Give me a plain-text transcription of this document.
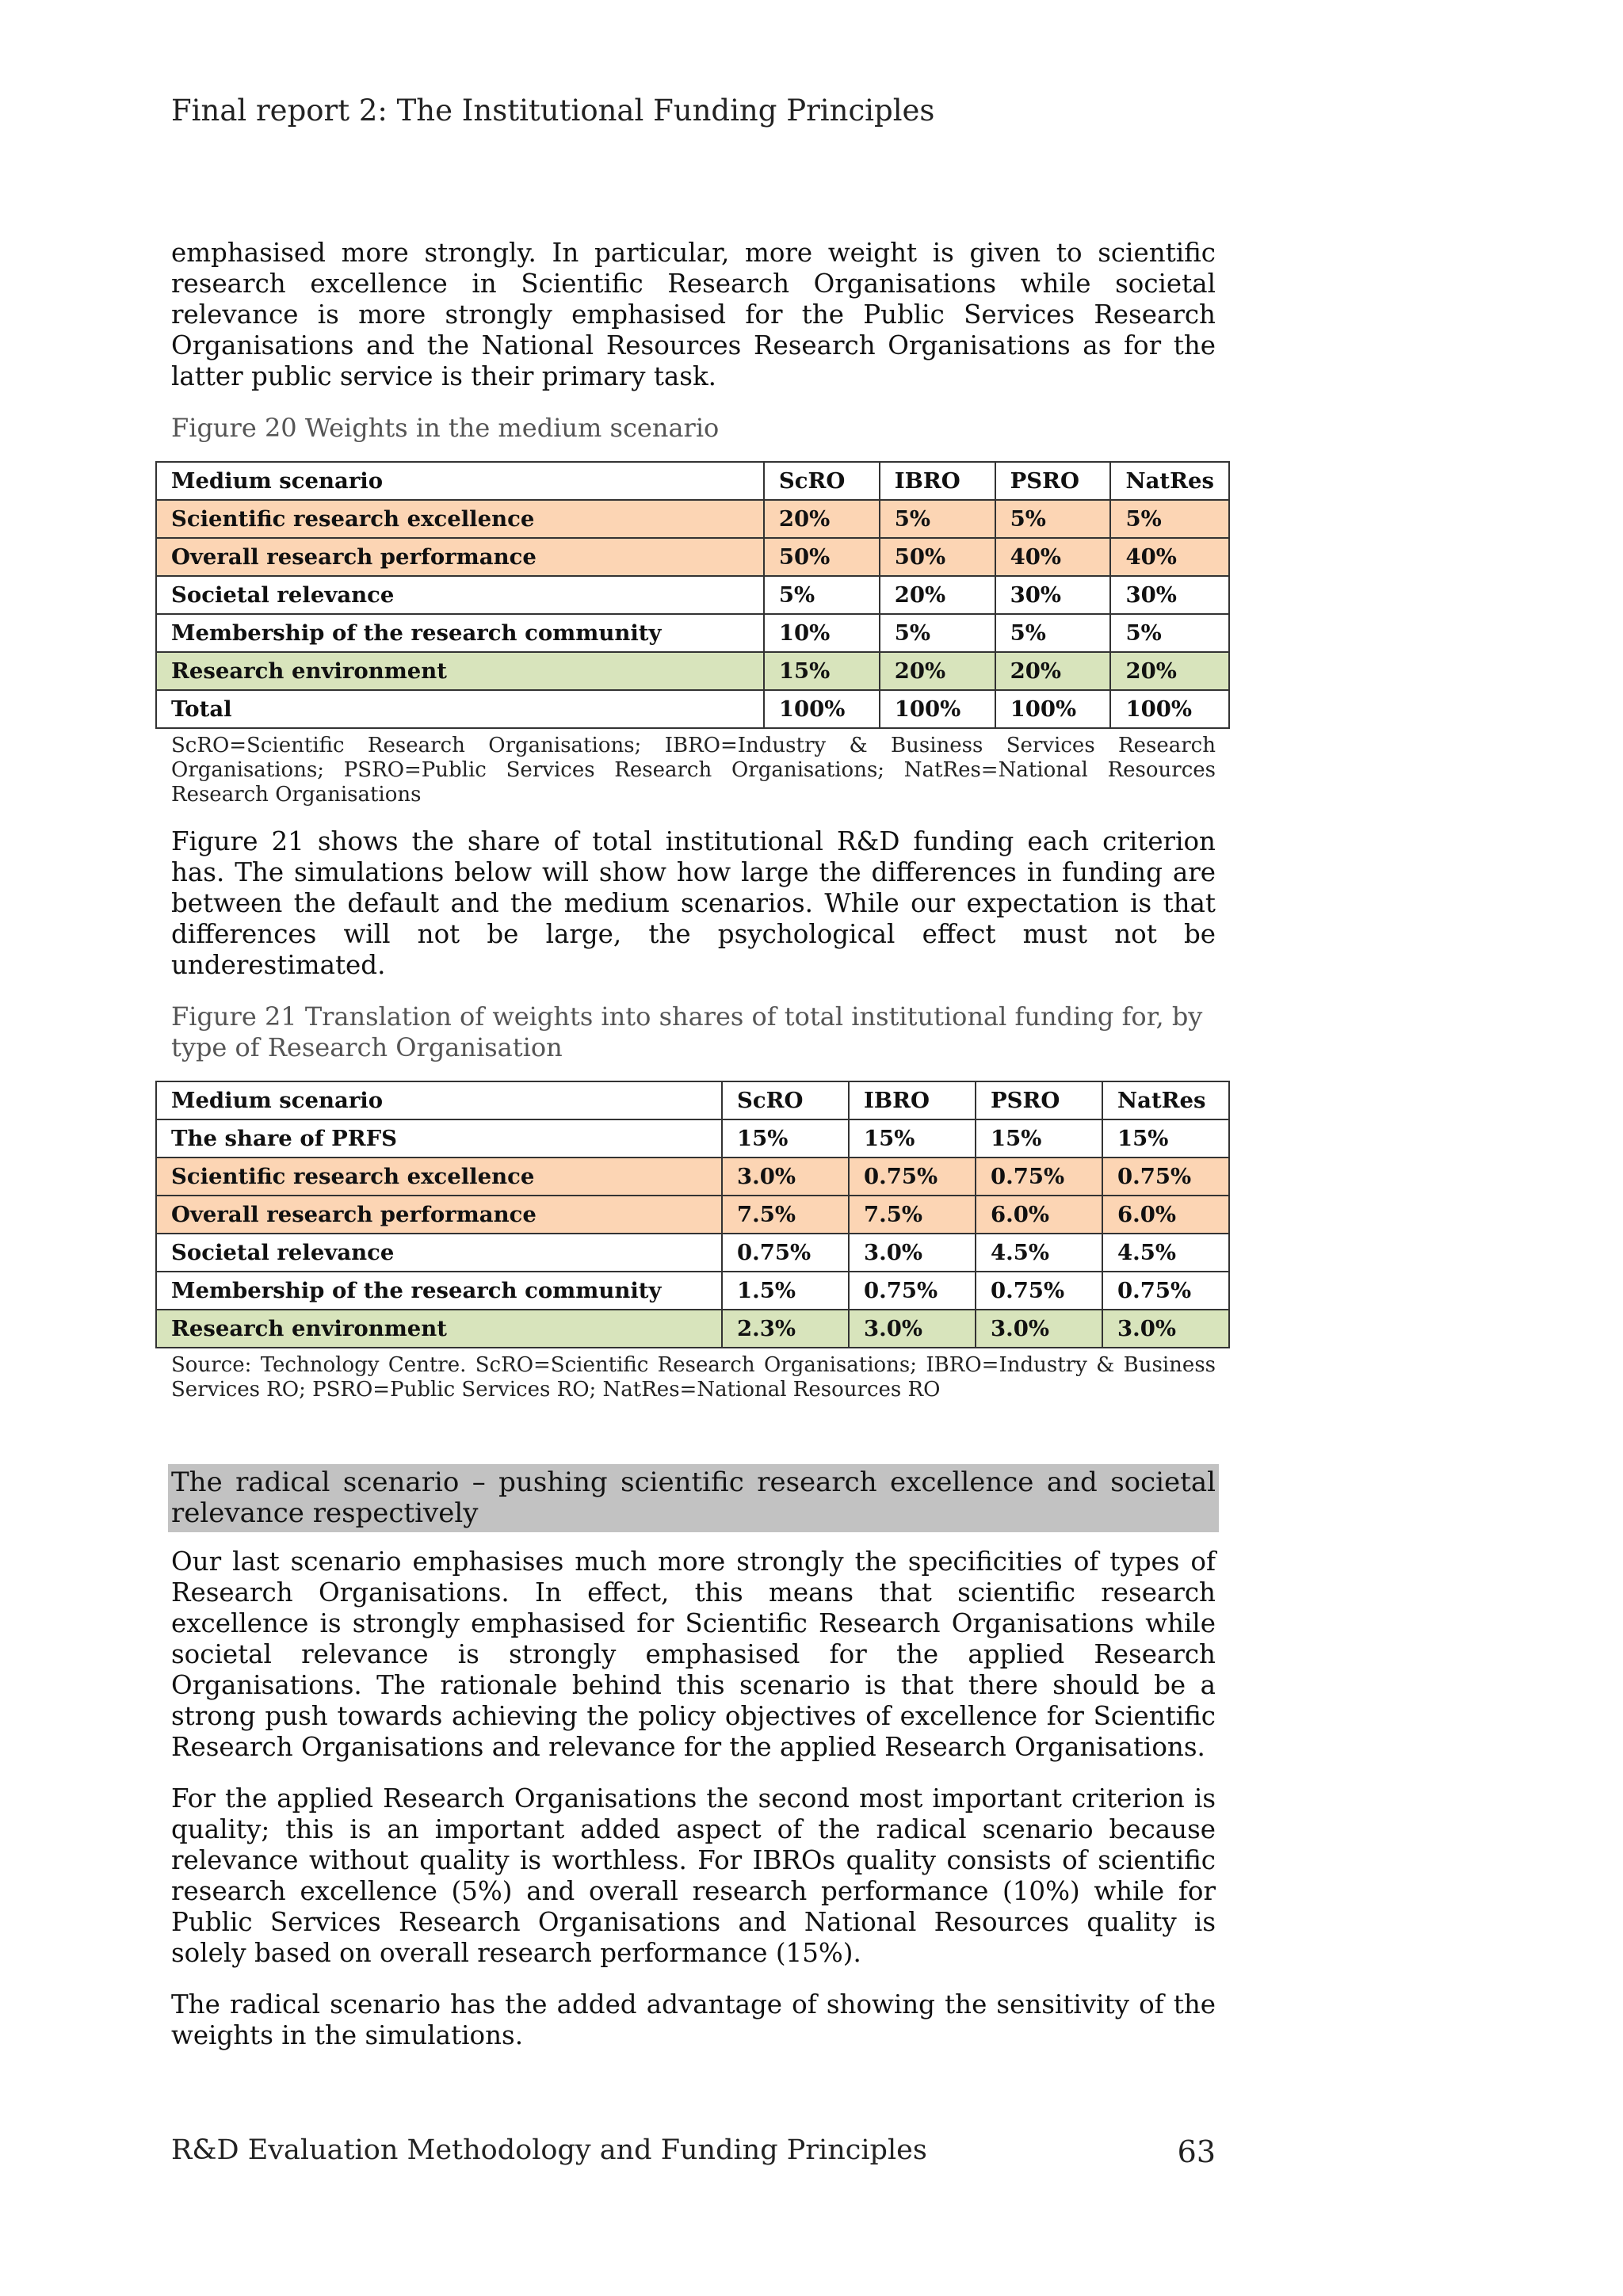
Final report 2: The Institutional Funding Principles

emphasised more strongly. In particular, more weight is given to scientific research excellence in Scientific Research Organisations while societal relevance is more strongly emphasised for the Public Services Research Organisations and the National Resources Research Organisations as for the latter public service is their primary task.

Figure 20 Weights in the medium scenario
Medium scenario	ScRO	IBRO	PSRO	NatRes
Scientific research excellence	20%	5%	5%	5%
Overall research performance	50%	50%	40%	40%
Societal relevance	5%	20%	30%	30%
Membership of the research community	10%	5%	5%	5%
Research environment	15%	20%	20%	20%
Total	100%	100%	100%	100%
ScRO=Scientific Research Organisations; IBRO=Industry & Business Services Research Organisations; PSRO=Public Services Research Organisations; NatRes=National Resources Research Organisations

Figure 21 shows the share of total institutional R&D funding each criterion has. The simulations below will show how large the differences in funding are between the default and the medium scenarios. While our expectation is that differences will not be large, the psychological effect must not be underestimated.

Figure 21 Translation of weights into shares of total institutional funding for, by type of Research Organisation
Medium scenario	ScRO	IBRO	PSRO	NatRes
The share of PRFS	15%	15%	15%	15%
Scientific research excellence	3.0%	0.75%	0.75%	0.75%
Overall research performance	7.5%	7.5%	6.0%	6.0%
Societal relevance	0.75%	3.0%	4.5%	4.5%
Membership of the research community	1.5%	0.75%	0.75%	0.75%
Research environment	2.3%	3.0%	3.0%	3.0%
Source: Technology Centre. ScRO=Scientific Research Organisations; IBRO=Industry & Business Services RO; PSRO=Public Services RO; NatRes=National Resources RO
The radical scenario – pushing scientific research excellence and societal relevance respectively

Our last scenario emphasises much more strongly the specificities of types of Research Organisations. In effect, this means that scientific research excellence is strongly emphasised for Scientific Research Organisations while societal relevance is strongly emphasised for the applied Research Organisations. The rationale behind this scenario is that there should be a strong push towards achieving the policy objectives of excellence for Scientific Research Organisations and relevance for the applied Research Organisations.

For the applied Research Organisations the second most important criterion is quality; this is an important added aspect of the radical scenario because relevance without quality is worthless. For IBROs quality consists of scientific research excellence (5%) and overall research performance (10%) while for Public Services Research Organisations and National Resources quality is solely based on overall research performance (15%).

The radical scenario has the added advantage of showing the sensitivity of the weights in the simulations.

R&D Evaluation Methodology and Funding Principles	63
